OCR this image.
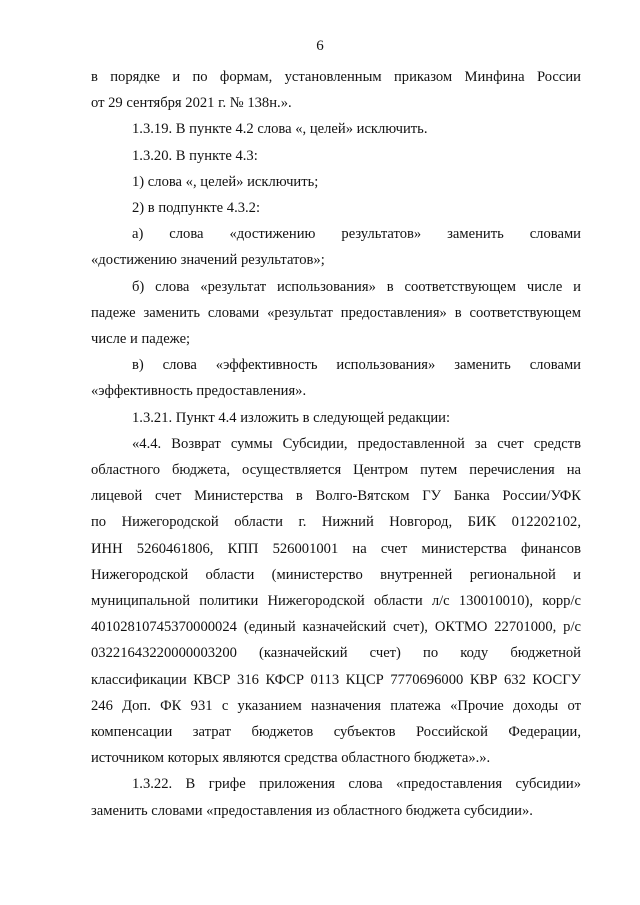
6
в порядке и по формам, установленным приказом Минфина России
от 29 сентября 2021 г. № 138н.».
1.3.19. В пункте 4.2 слова «, целей» исключить.
1.3.20. В пункте 4.3:
1) слова «, целей» исключить;
2) в подпункте 4.3.2:
а) слова «достижению результатов» заменить словами
«достижению значений результатов»;
б) слова «результат использования» в соответствующем числе и
падеже заменить словами «результат предоставления» в соответствующем
числе и падеже;
в) слова «эффективность использования» заменить словами
«эффективность предоставления».
1.3.21. Пункт 4.4 изложить в следующей редакции:
«4.4. Возврат суммы Субсидии, предоставленной за счет средств
областного бюджета, осуществляется Центром путем перечисления на
лицевой счет Министерства в Волго-Вятском ГУ Банка России/УФК
по Нижегородской области г. Нижний Новгород, БИК 012202102,
ИНН 5260461806, КПП 526001001 на счет министерства финансов
Нижегородской области (министерство внутренней региональной и
муниципальной политики Нижегородской области л/с 130010010), корр/с
40102810745370000024 (единый казначейский счет), ОКТМО 22701000, р/с
03221643220000003200 (казначейский счет) по коду бюджетной
классификации КВСР 316 КФСР 0113 КЦСР 7770696000 КВР 632 КОСГУ
246 Доп. ФК 931 с указанием назначения платежа «Прочие доходы от
компенсации затрат бюджетов субъектов Российской Федерации,
источником которых являются средства областного бюджета».».
1.3.22. В грифе приложения слова «предоставления субсидии»
заменить словами «предоставления из областного бюджета субсидии».
